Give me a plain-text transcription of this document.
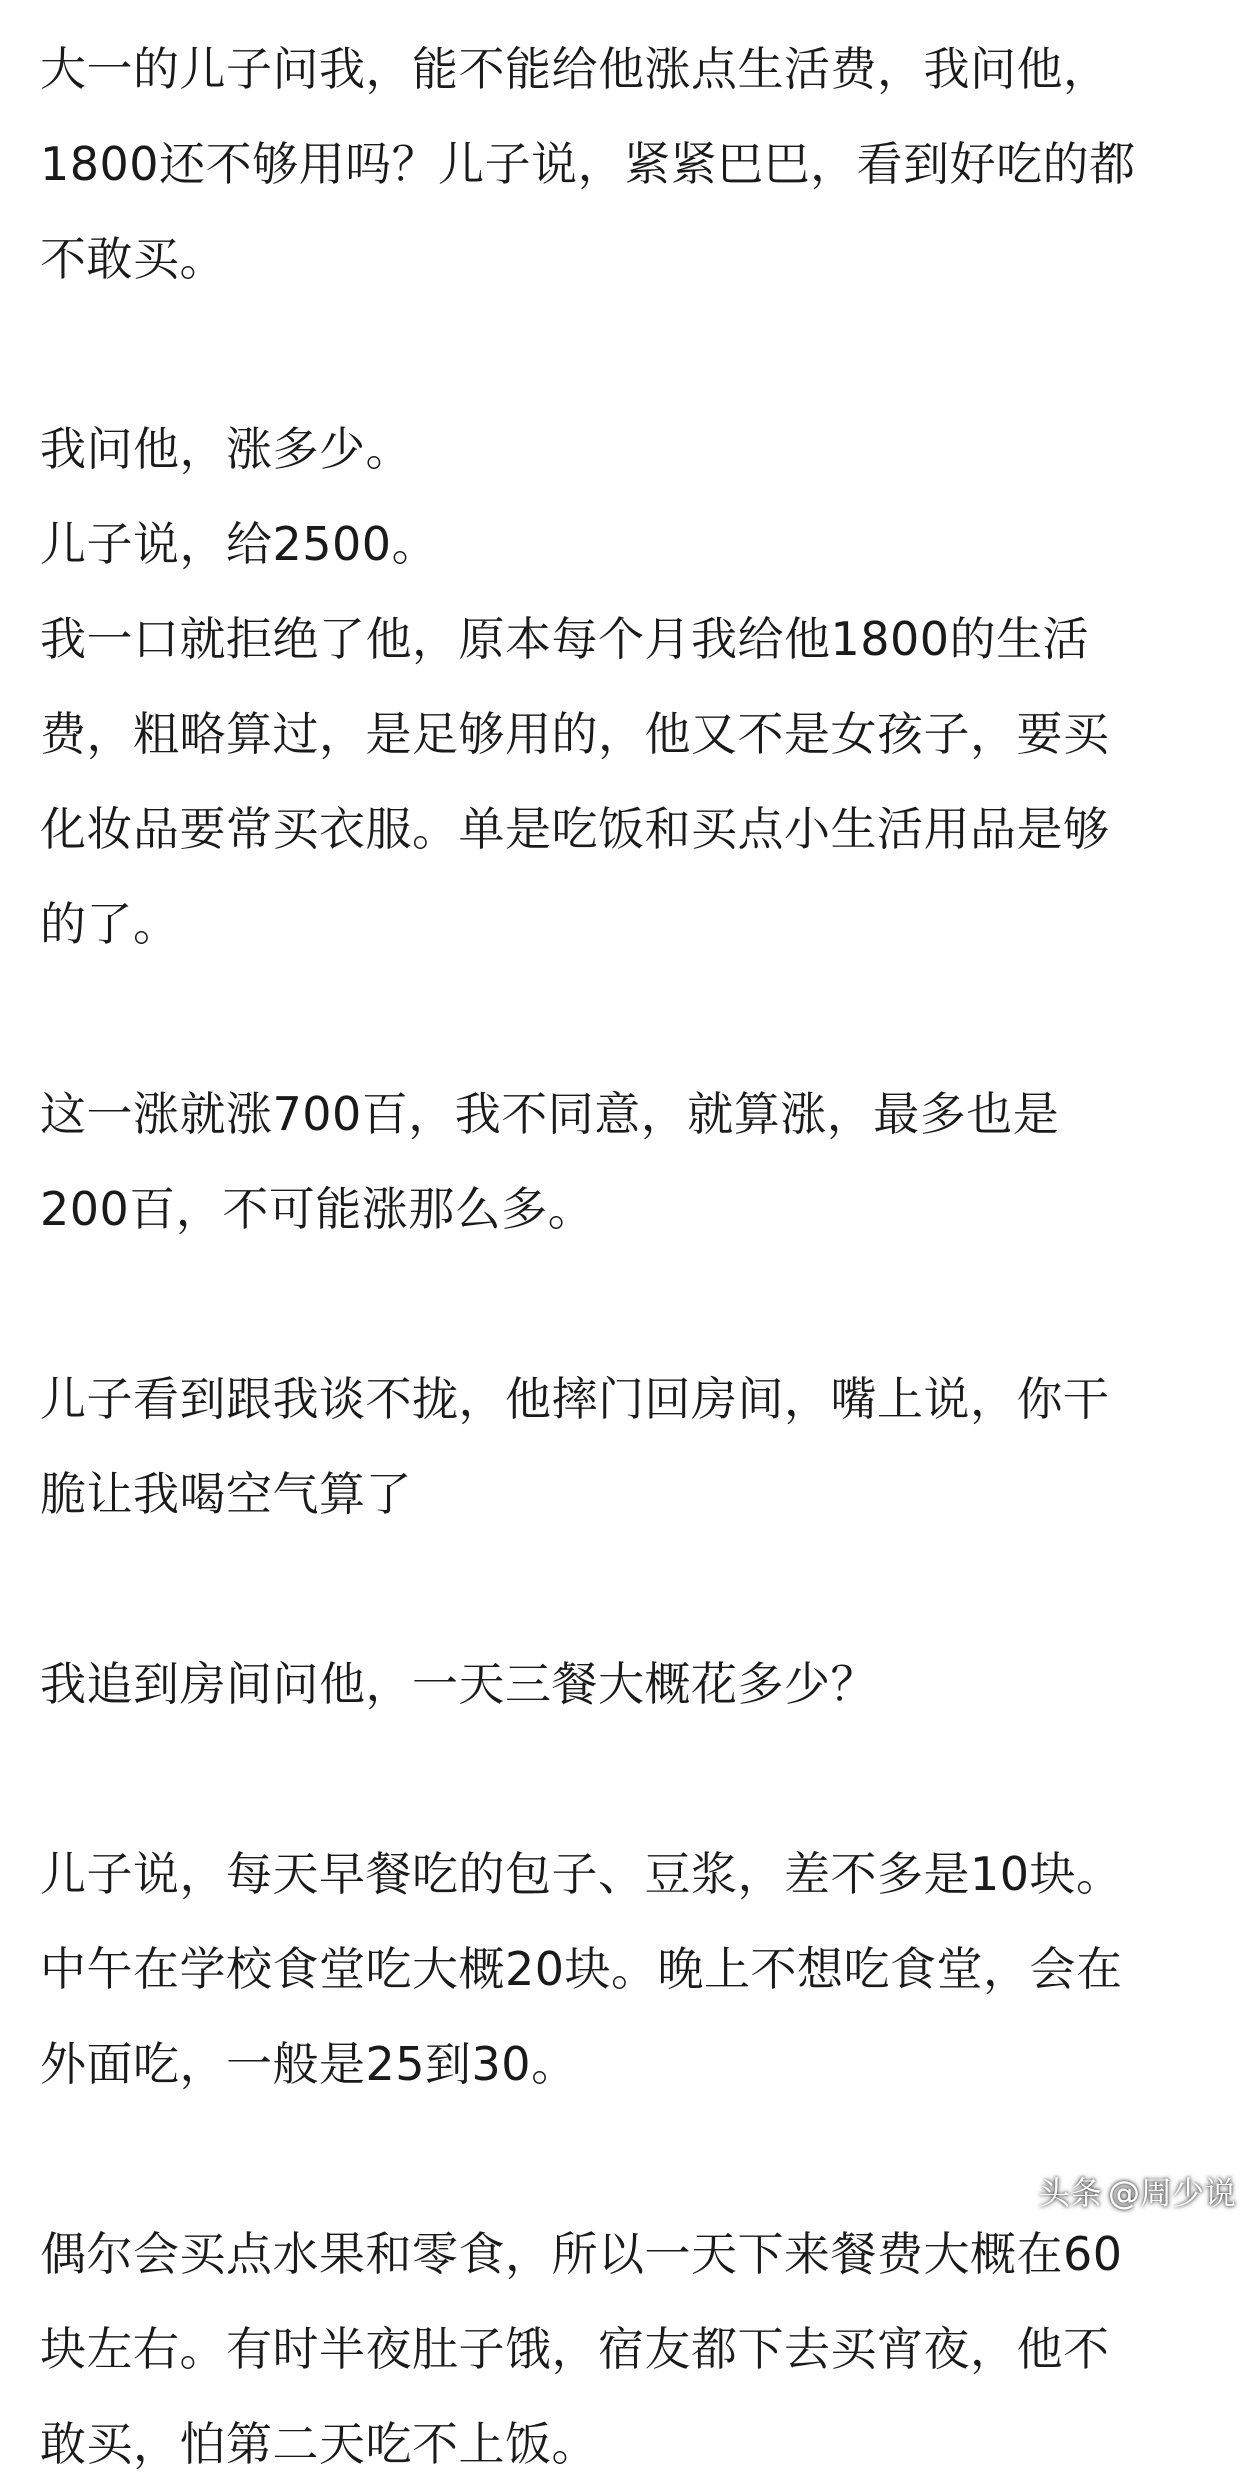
大一的儿子问我，能不能给他涨点生活费，我问他，
1800还不够用吗？儿子说，紧紧巴巴，看到好吃的都
不敢买。
我问他，涨多少。
儿子说，给2500。
我一口就拒绝了他，原本每个月我给他1800的生活
费，粗略算过，是足够用的，他又不是女孩子，要买
化妆品要常买衣服。单是吃饭和买点小生活用品是够
的了。
这一涨就涨700百，我不同意，就算涨，最多也是
200百，不可能涨那么多。
儿子看到跟我谈不拢，他摔门回房间，嘴上说，你干
脆让我喝空气算了
我追到房间问他，一天三餐大概花多少？
儿子说，每天早餐吃的包子、豆浆，差不多是10块。
中午在学校食堂吃大概20块。晚上不想吃食堂，会在
外面吃，一般是25到30。
偶尔会买点水果和零食，所以一天下来餐费大概在60
块左右。有时半夜肚子饿，宿友都下去买宵夜，他不
敢买，怕第二天吃不上饭。
头条 @周少说
